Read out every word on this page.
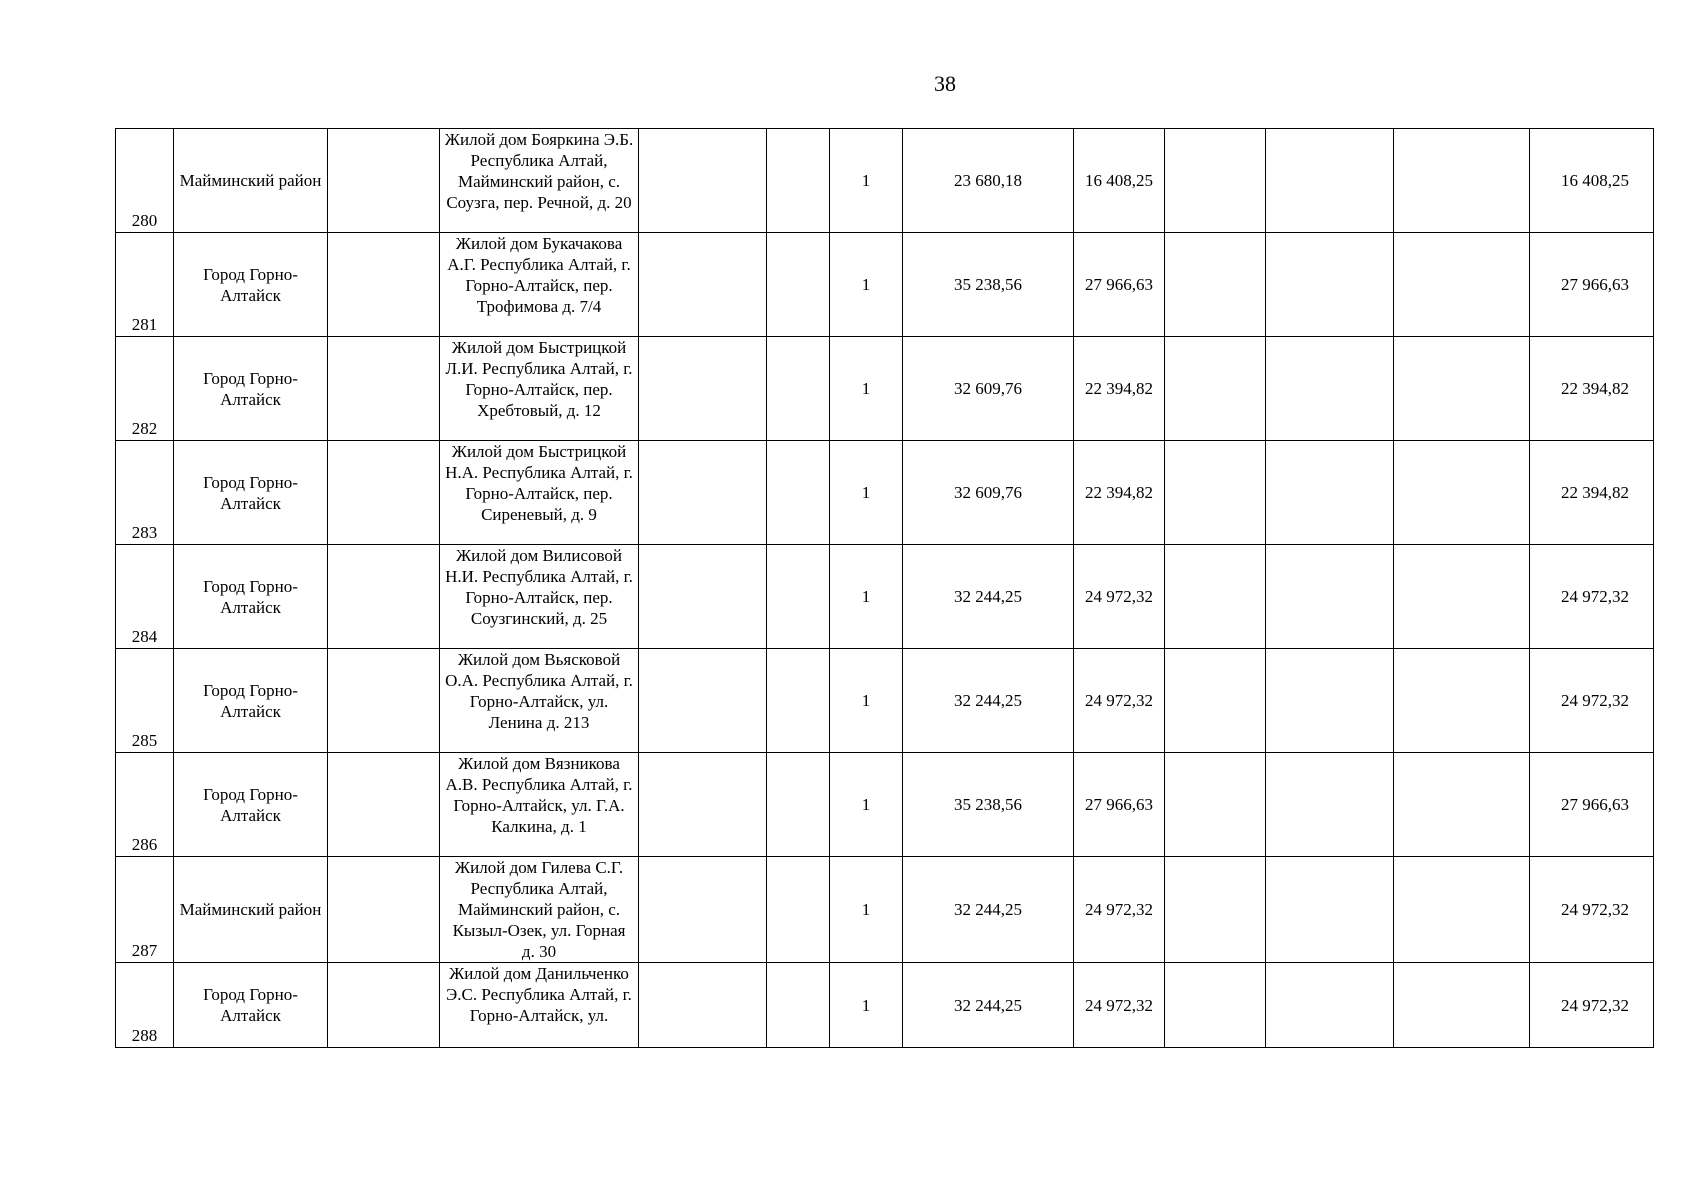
38
280	Майминский район		Жилой дом Бояркина Э.Б. Республика Алтай, Майминский район, с. Соузга, пер. Речной, д. 20			1	23 680,18	16 408,25				16 408,25
281	Город Горно-Алтайск		Жилой дом Букачакова А.Г. Республика Алтай, г. Горно-Алтайск, пер. Трофимова д. 7/4			1	35 238,56	27 966,63				27 966,63
282	Город Горно-Алтайск		Жилой дом Быстрицкой Л.И. Республика Алтай, г. Горно-Алтайск, пер. Хребтовый, д. 12			1	32 609,76	22 394,82				22 394,82
283	Город Горно-Алтайск		Жилой дом Быстрицкой Н.А. Республика Алтай, г. Горно-Алтайск, пер. Сиреневый, д. 9			1	32 609,76	22 394,82				22 394,82
284	Город Горно-Алтайск		Жилой дом Вилисовой Н.И. Республика Алтай, г. Горно-Алтайск, пер. Соузгинский, д. 25			1	32 244,25	24 972,32				24 972,32
285	Город Горно-Алтайск		Жилой дом Вьясковой О.А. Республика Алтай, г. Горно-Алтайск, ул. Ленина д. 213			1	32 244,25	24 972,32				24 972,32
286	Город Горно-Алтайск		Жилой дом Вязникова А.В. Республика Алтай, г. Горно-Алтайск, ул. Г.А. Калкина, д. 1			1	35 238,56	27 966,63				27 966,63
287	Майминский район		Жилой дом Гилева С.Г. Республика Алтай, Майминский район, с. Кызыл-Озек, ул. Горная д. 30			1	32 244,25	24 972,32				24 972,32
288	Город Горно-Алтайск		Жилой дом Данильченко Э.С. Республика Алтай, г. Горно-Алтайск, ул.			1	32 244,25	24 972,32				24 972,32
